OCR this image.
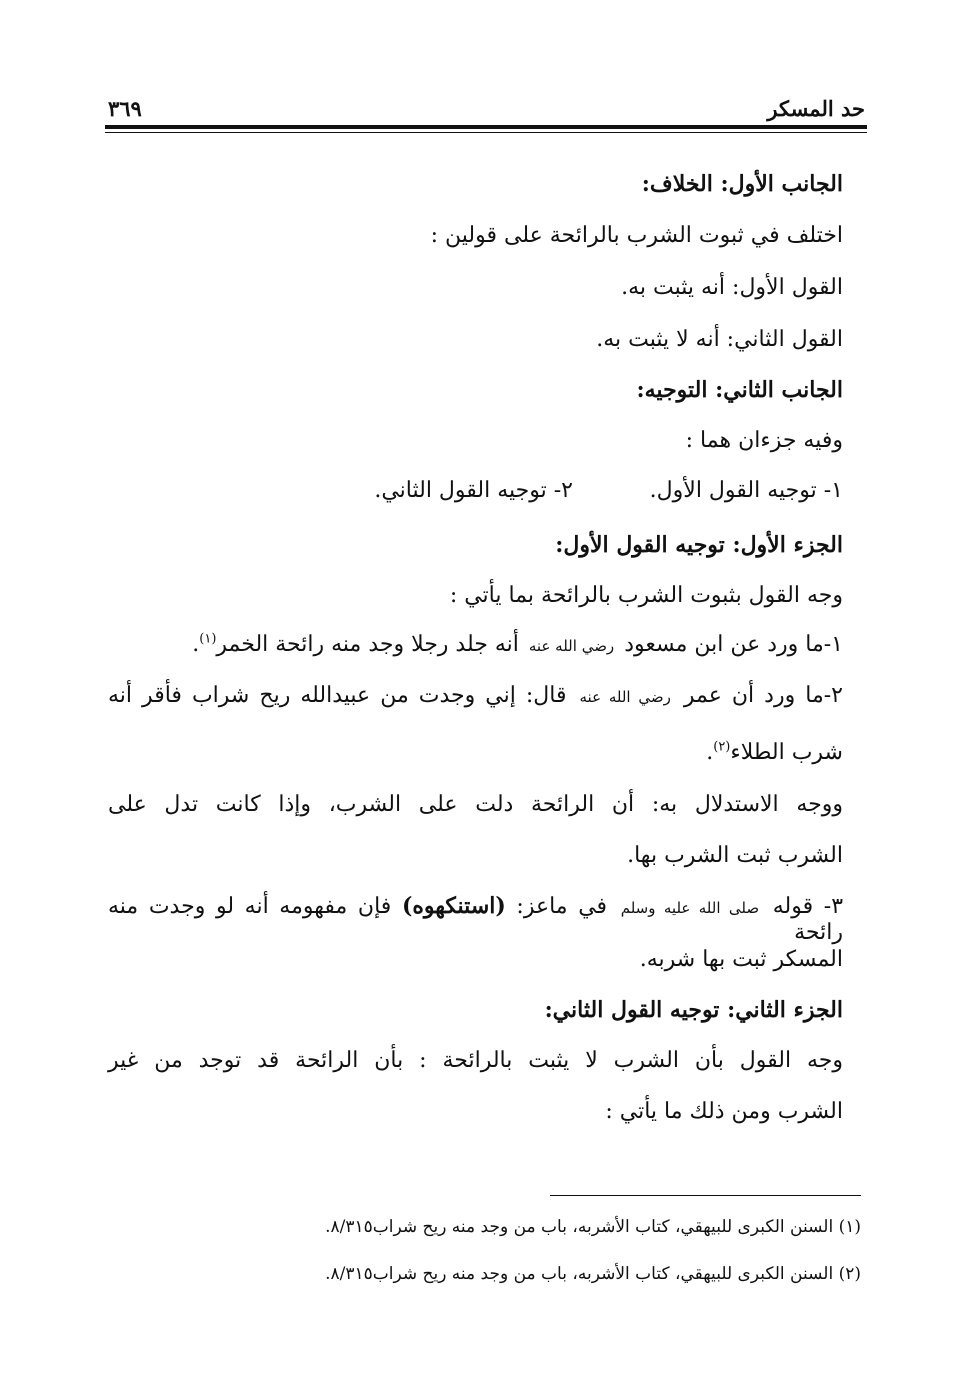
حد المسكر
٣٦٩
الجانب الأول: الخلاف:
اختلف في ثبوت الشرب بالرائحة على قولين :
القول الأول: أنه يثبت به.
القول الثاني: أنه لا يثبت به.
الجانب الثاني: التوجيه:
وفيه جزءان هما :
١- توجيه القول الأول.
٢- توجيه القول الثاني.
الجزء الأول: توجيه القول الأول:
وجه القول بثبوت الشرب بالرائحة بما يأتي :
١-ما ورد عن ابن مسعود رضي الله عنه أنه جلد رجلا وجد منه رائحة الخمر$^{(١)}$.
٢-ما ورد أن عمر رضي الله عنه قال: إني وجدت من عبيدالله ريح شراب فأقر أنه
شرب الطلاء$^{(٢)}$.
ووجه الاستدلال به: أن الرائحة دلت على الشرب، وإذا كانت تدل على
الشرب ثبت الشرب بها.
٣- قوله صلى الله عليه وسلم في ماعز: (استنكهوه) فإن مفهومه أنه لو وجدت منه رائحة
المسكر ثبت بها شربه.
الجزء الثاني: توجيه القول الثاني:
وجه القول بأن الشرب لا يثبت بالرائحة : بأن الرائحة قد توجد من غير
الشرب ومن ذلك ما يأتي :
(١) السنن الكبرى للبيهقي، كتاب الأشربه، باب من وجد منه ريح شراب٨/٣١٥.
(٢) السنن الكبرى للبيهقي، كتاب الأشربه، باب من وجد منه ريح شراب٨/٣١٥.
